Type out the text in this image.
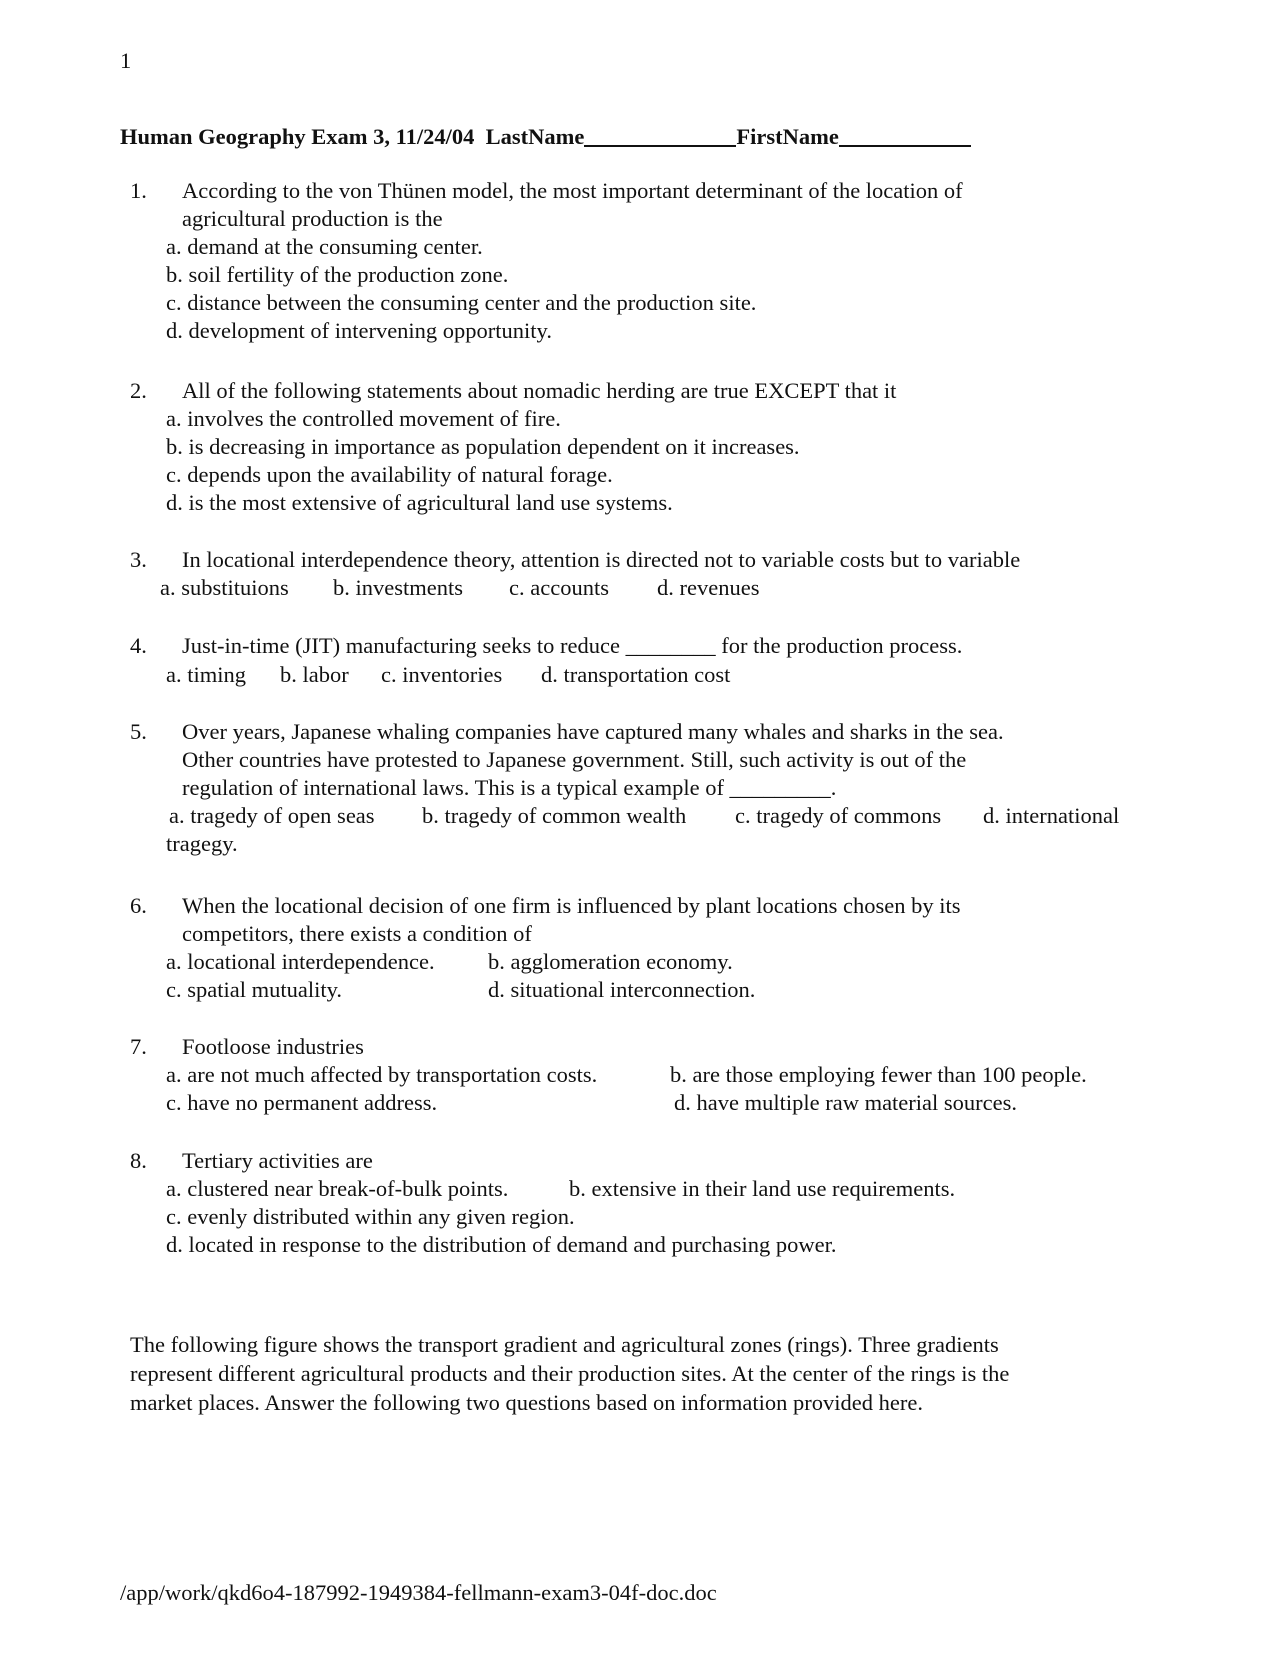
1
Human Geography Exam 3, 11/24/04 LastName	FirstName
1. According to the von Thünen model, the most important determinant of the location of
agricultural production is the
a. demand at the consuming center.
b. soil fertility of the production zone.
c. distance between the consuming center and the production site.
d. development of intervening opportunity.
2. All of the following statements about nomadic herding are true EXCEPT that it
a. involves the controlled movement of fire.
b. is decreasing in importance as population dependent on it increases.
c. depends upon the availability of natural forage.
d. is the most extensive of agricultural land use systems.
3. In locational interdependence theory, attention is directed not to variable costs but to variable
a. substituions b. investments c. accounts d. revenues
4. Just-in-time (JIT) manufacturing seeks to reduce ________ for the production process.
a. timing b. labor c. inventories d. transportation cost
5. Over years, Japanese whaling companies have captured many whales and sharks in the sea.
Other countries have protested to Japanese government. Still, such activity is out of the
regulation of international laws. This is a typical example of _________.
a. tragedy of open seas b. tragedy of common wealth c. tragedy of commons d. international
tragegy.
6. When the locational decision of one firm is influenced by plant locations chosen by its
competitors, there exists a condition of
a. locational interdependence. b. agglomeration economy.
c. spatial mutuality.	d. situational interconnection.
7. Footloose industries
a. are not much affected by transportation costs.	b. are those employing fewer than 100 people.
c. have no permanent address.	d. have multiple raw material sources.
8. Tertiary activities are
a. clustered near break-of-bulk points.	b. extensive in their land use requirements.
c. evenly distributed within any given region.
d. located in response to the distribution of demand and purchasing power.
The following figure shows the transport gradient and agricultural zones (rings). Three gradients
represent different agricultural products and their production sites. At the center of the rings is the
market places. Answer the following two questions based on information provided here.
/app/work/qkd6o4-187992-1949384-fellmann-exam3-04f-doc.doc
